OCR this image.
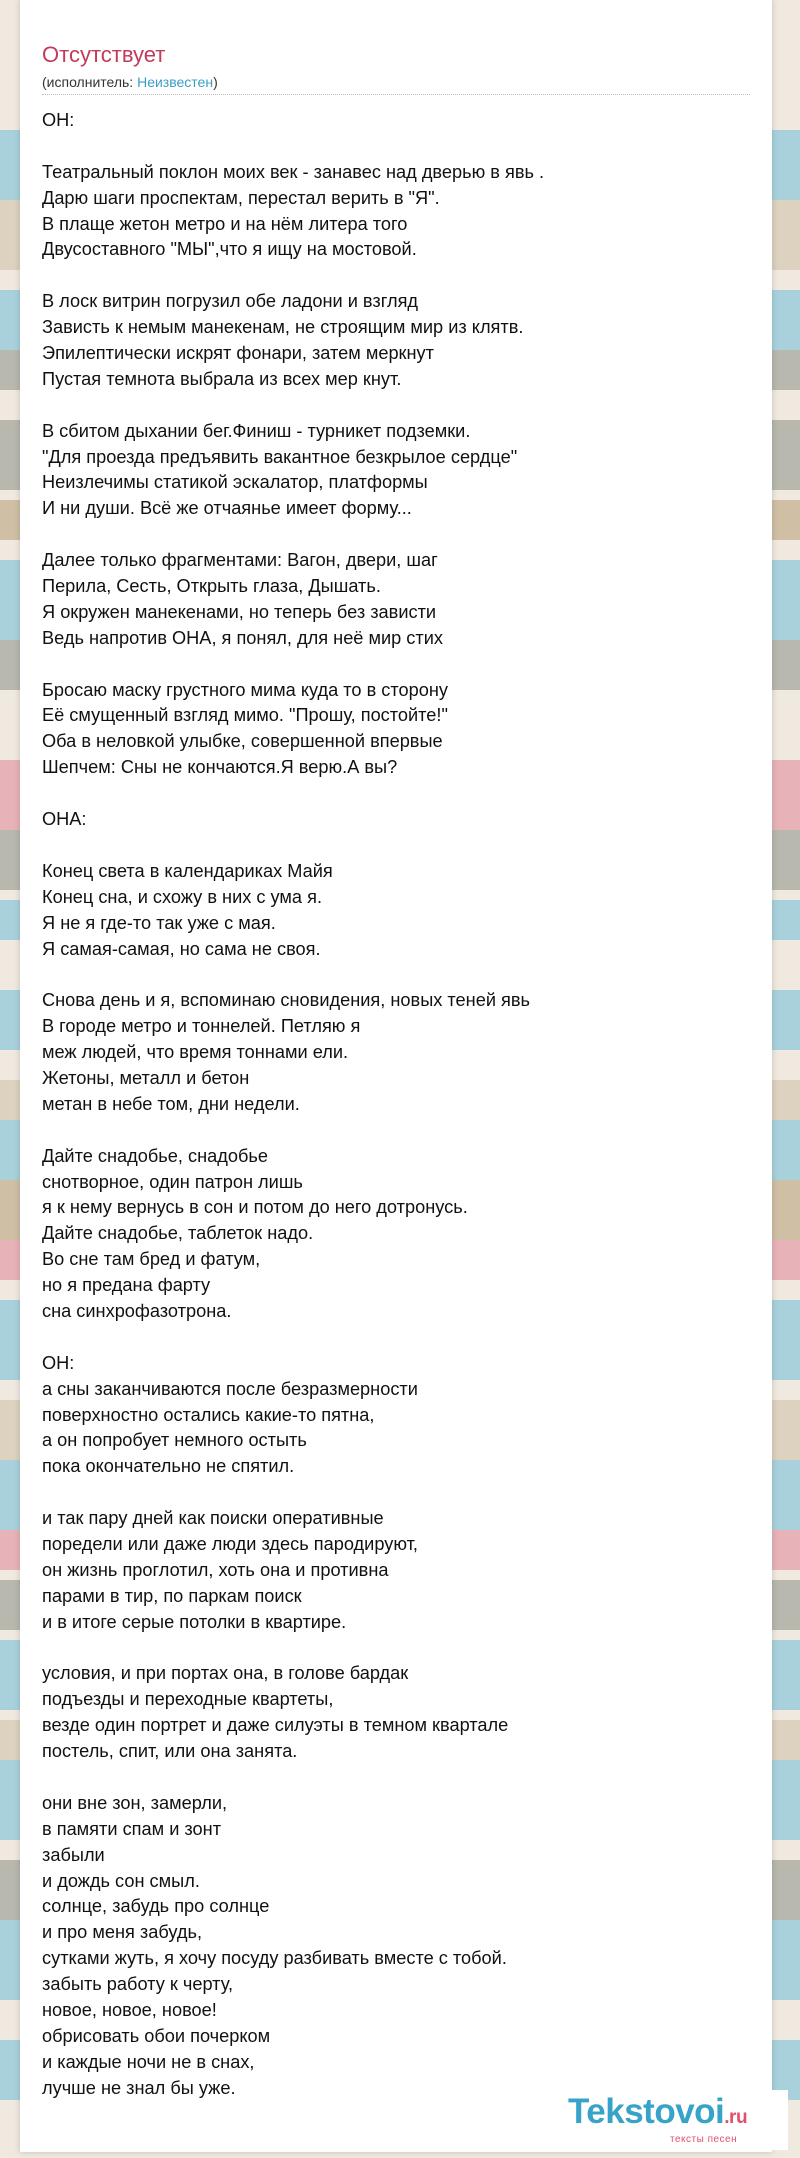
Отсутствует
(исполнитель: Неизвестен)
ОН:
Театральный поклон моих век - занавес над дверью в явь .
Дарю шаги проспектам, перестал верить в "Я".
В плаще жетон метро и на нём литера того
Двусоставного "МЫ",что я ищу на мостовой.
В лоск витрин погрузил обе ладони и взгляд
Зависть к немым манекенам, не строящим мир из клятв.
Эпилептически искрят фонари, затем меркнут
Пустая темнота выбрала из всех мер кнут.
В сбитом дыхании бег.Финиш - турникет подземки.
"Для проезда предъявить вакантное безкрылое сердце"
Неизлечимы статикой эскалатор, платформы
И ни души. Всё же отчаянье имеет форму...
Далее только фрагментами: Вагон, двери, шаг
Перила, Сесть, Открыть глаза, Дышать.
Я окружен манекенами, но теперь без зависти
Ведь напротив ОНА, я понял, для неё мир стих
Бросаю маску грустного мима куда то в сторону
Её смущенный взгляд мимо. "Прошу, постойте!"
Оба в неловкой улыбке, совершенной впервые
Шепчем: Сны не кончаются.Я верю.А вы?
ОНА:
Конец света в календариках Майя
Конец сна, и схожу в них с ума я.
Я не я где-то так уже с мая.
Я самая-самая, но сама не своя.
Снова день и я, вспоминаю сновидения, новых теней явь
В городе метро и тоннелей. Петляю я
меж людей, что время тоннами ели.
Жетоны, металл и бетон
метан в небе том, дни недели.
Дайте снадобье, снадобье
снотворное, один патрон лишь
я к нему вернусь в сон и потом до него дотронусь.
Дайте снадобье, таблеток надо.
Во сне там бред и фатум,
но я предана фарту
сна синхрофазотрона.
ОН:
а сны заканчиваются после безразмерности
поверхностно остались какие-то пятна,
а он попробует немного остыть
пока окончательно не спятил.
и так пару дней как поиски оперативные
поредели или даже люди здесь пародируют,
он жизнь проглотил, хоть она и противна
парами в тир, по паркам поиск
и в итоге серые потолки в квартире.
условия, и при портах она, в голове бардак
подъезды и переходные квартеты,
везде один портрет и даже силуэты в темном квартале
постель, спит, или она занята.
они вне зон, замерли,
в памяти спам и зонт
забыли
и дождь сон смыл.
солнце, забудь про солнце
и про меня забудь,
сутками жуть, я хочу посуду разбивать вместе с тобой.
забыть работу к черту,
новое, новое, новое!
обрисовать обои почерком
и каждые ночи не в снах,
лучше не знал бы уже.
Tekstovoi.ru
тексты песен
